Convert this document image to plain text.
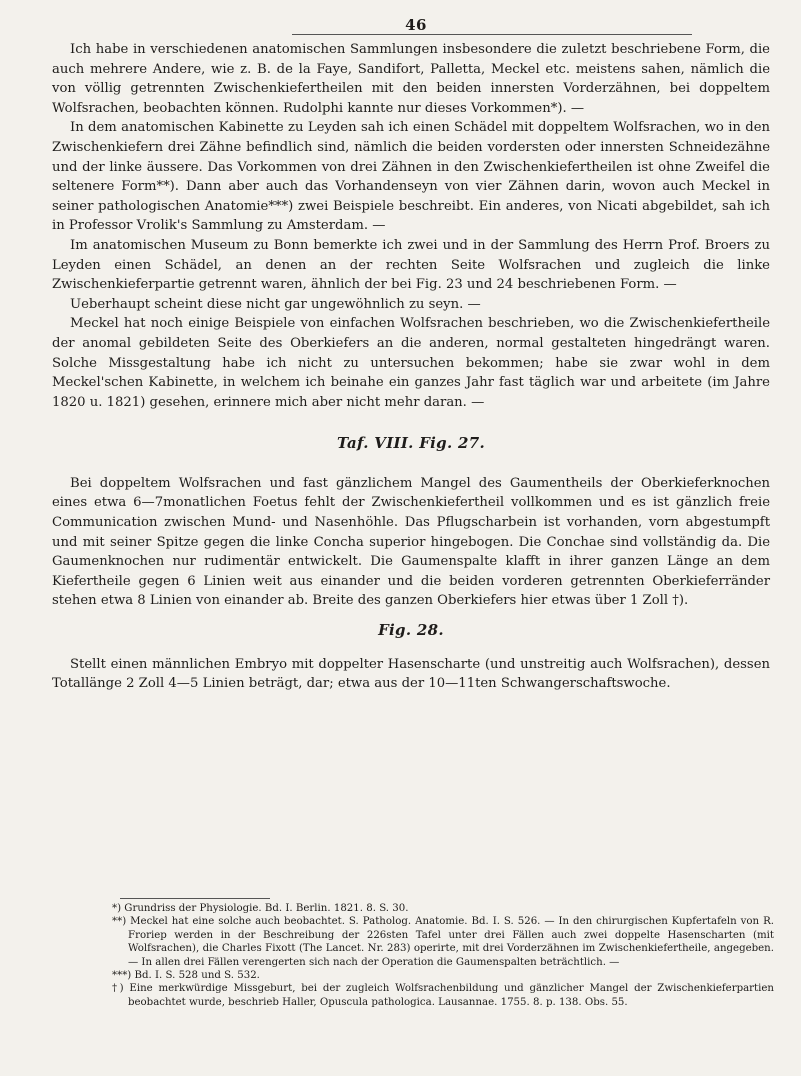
46

Ich habe in verschiedenen anatomischen Sammlungen insbesondere die zuletzt beschriebene Form, die auch mehrere Andere, wie z. B. de la Faye, Sandifort, Palletta, Meckel etc. meistens sahen, nämlich die von völlig getrennten Zwischenkiefertheilen mit den beiden innersten Vorderzähnen, bei doppeltem Wolfsrachen, beobachten können. Rudolphi kannte nur dieses Vorkommen*). —

In dem anatomischen Kabinette zu Leyden sah ich einen Schädel mit doppeltem Wolfsrachen, wo in den Zwischenkiefern drei Zähne befindlich sind, nämlich die beiden vordersten oder innersten Schneidezähne und der linke äussere. Das Vorkommen von drei Zähnen in den Zwischenkiefertheilen ist ohne Zweifel die seltenere Form**). Dann aber auch das Vorhandenseyn von vier Zähnen darin, wovon auch Meckel in seiner pathologischen Anatomie***) zwei Beispiele beschreibt. Ein anderes, von Nicati abgebildet, sah ich in Professor Vrolik's Sammlung zu Amsterdam. —

Im anatomischen Museum zu Bonn bemerkte ich zwei und in der Sammlung des Herrn Prof. Broers zu Leyden einen Schädel, an denen an der rechten Seite Wolfsrachen und zugleich die linke Zwischenkieferpartie getrennt waren, ähnlich der bei Fig. 23 und 24 beschriebenen Form. —

Ueberhaupt scheint diese nicht gar ungewöhnlich zu seyn. —

Meckel hat noch einige Beispiele von einfachen Wolfsrachen beschrieben, wo die Zwischenkiefertheile der anomal gebildeten Seite des Oberkiefers an die anderen, normal gestalteten hingedrängt waren. Solche Missgestaltung habe ich nicht zu untersuchen bekommen; habe sie zwar wohl in dem Meckel'schen Kabinette, in welchem ich beinahe ein ganzes Jahr fast täglich war und arbeitete (im Jahre 1820 u. 1821) gesehen, erinnere mich aber nicht mehr daran. —

Taf. VIII. Fig. 27.

Bei doppeltem Wolfsrachen und fast gänzlichem Mangel des Gaumentheils der Oberkieferknochen eines etwa 6—7monatlichen Foetus fehlt der Zwischenkiefertheil vollkommen und es ist gänzlich freie Communication zwischen Mund- und Nasenhöhle. Das Pflugscharbein ist vorhanden, vorn abgestumpft und mit seiner Spitze gegen die linke Concha superior hingebogen. Die Conchae sind vollständig da. Die Gaumenknochen nur rudimentär entwickelt. Die Gaumenspalte klafft in ihrer ganzen Länge an dem Kiefertheile gegen 6 Linien weit aus einander und die beiden vorderen getrennten Oberkieferränder stehen etwa 8 Linien von einander ab. Breite des ganzen Oberkiefers hier etwas über 1 Zoll †).

Fig. 28.

Stellt einen männlichen Embryo mit doppelter Hasenscharte (und unstreitig auch Wolfsrachen), dessen Totallänge 2 Zoll 4—5 Linien beträgt, dar; etwa aus der 10—11ten Schwangerschaftswoche.

*) Grundriss der Physiologie. Bd. I. Berlin. 1821. 8. S. 30.

**) Meckel hat eine solche auch beobachtet. S. Patholog. Anatomie. Bd. I. S. 526. — In den chirurgischen Kupfertafeln von R. Froriep werden in der Beschreibung der 226sten Tafel unter drei Fällen auch zwei doppelte Hasenscharten (mit Wolfsrachen), die Charles Fixott (The Lancet. Nr. 283) operirte, mit drei Vorderzähnen im Zwischenkiefertheile, angegeben. — In allen drei Fällen verengerten sich nach der Operation die Gaumenspalten beträchtlich. —

***) Bd. I. S. 528 und S. 532.

†) Eine merkwürdige Missgeburt, bei der zugleich Wolfsrachenbildung und gänzlicher Mangel der Zwischenkieferpartien beobachtet wurde, beschrieb Haller, Opuscula pathologica. Lausannae. 1755. 8. p. 138. Obs. 55.
